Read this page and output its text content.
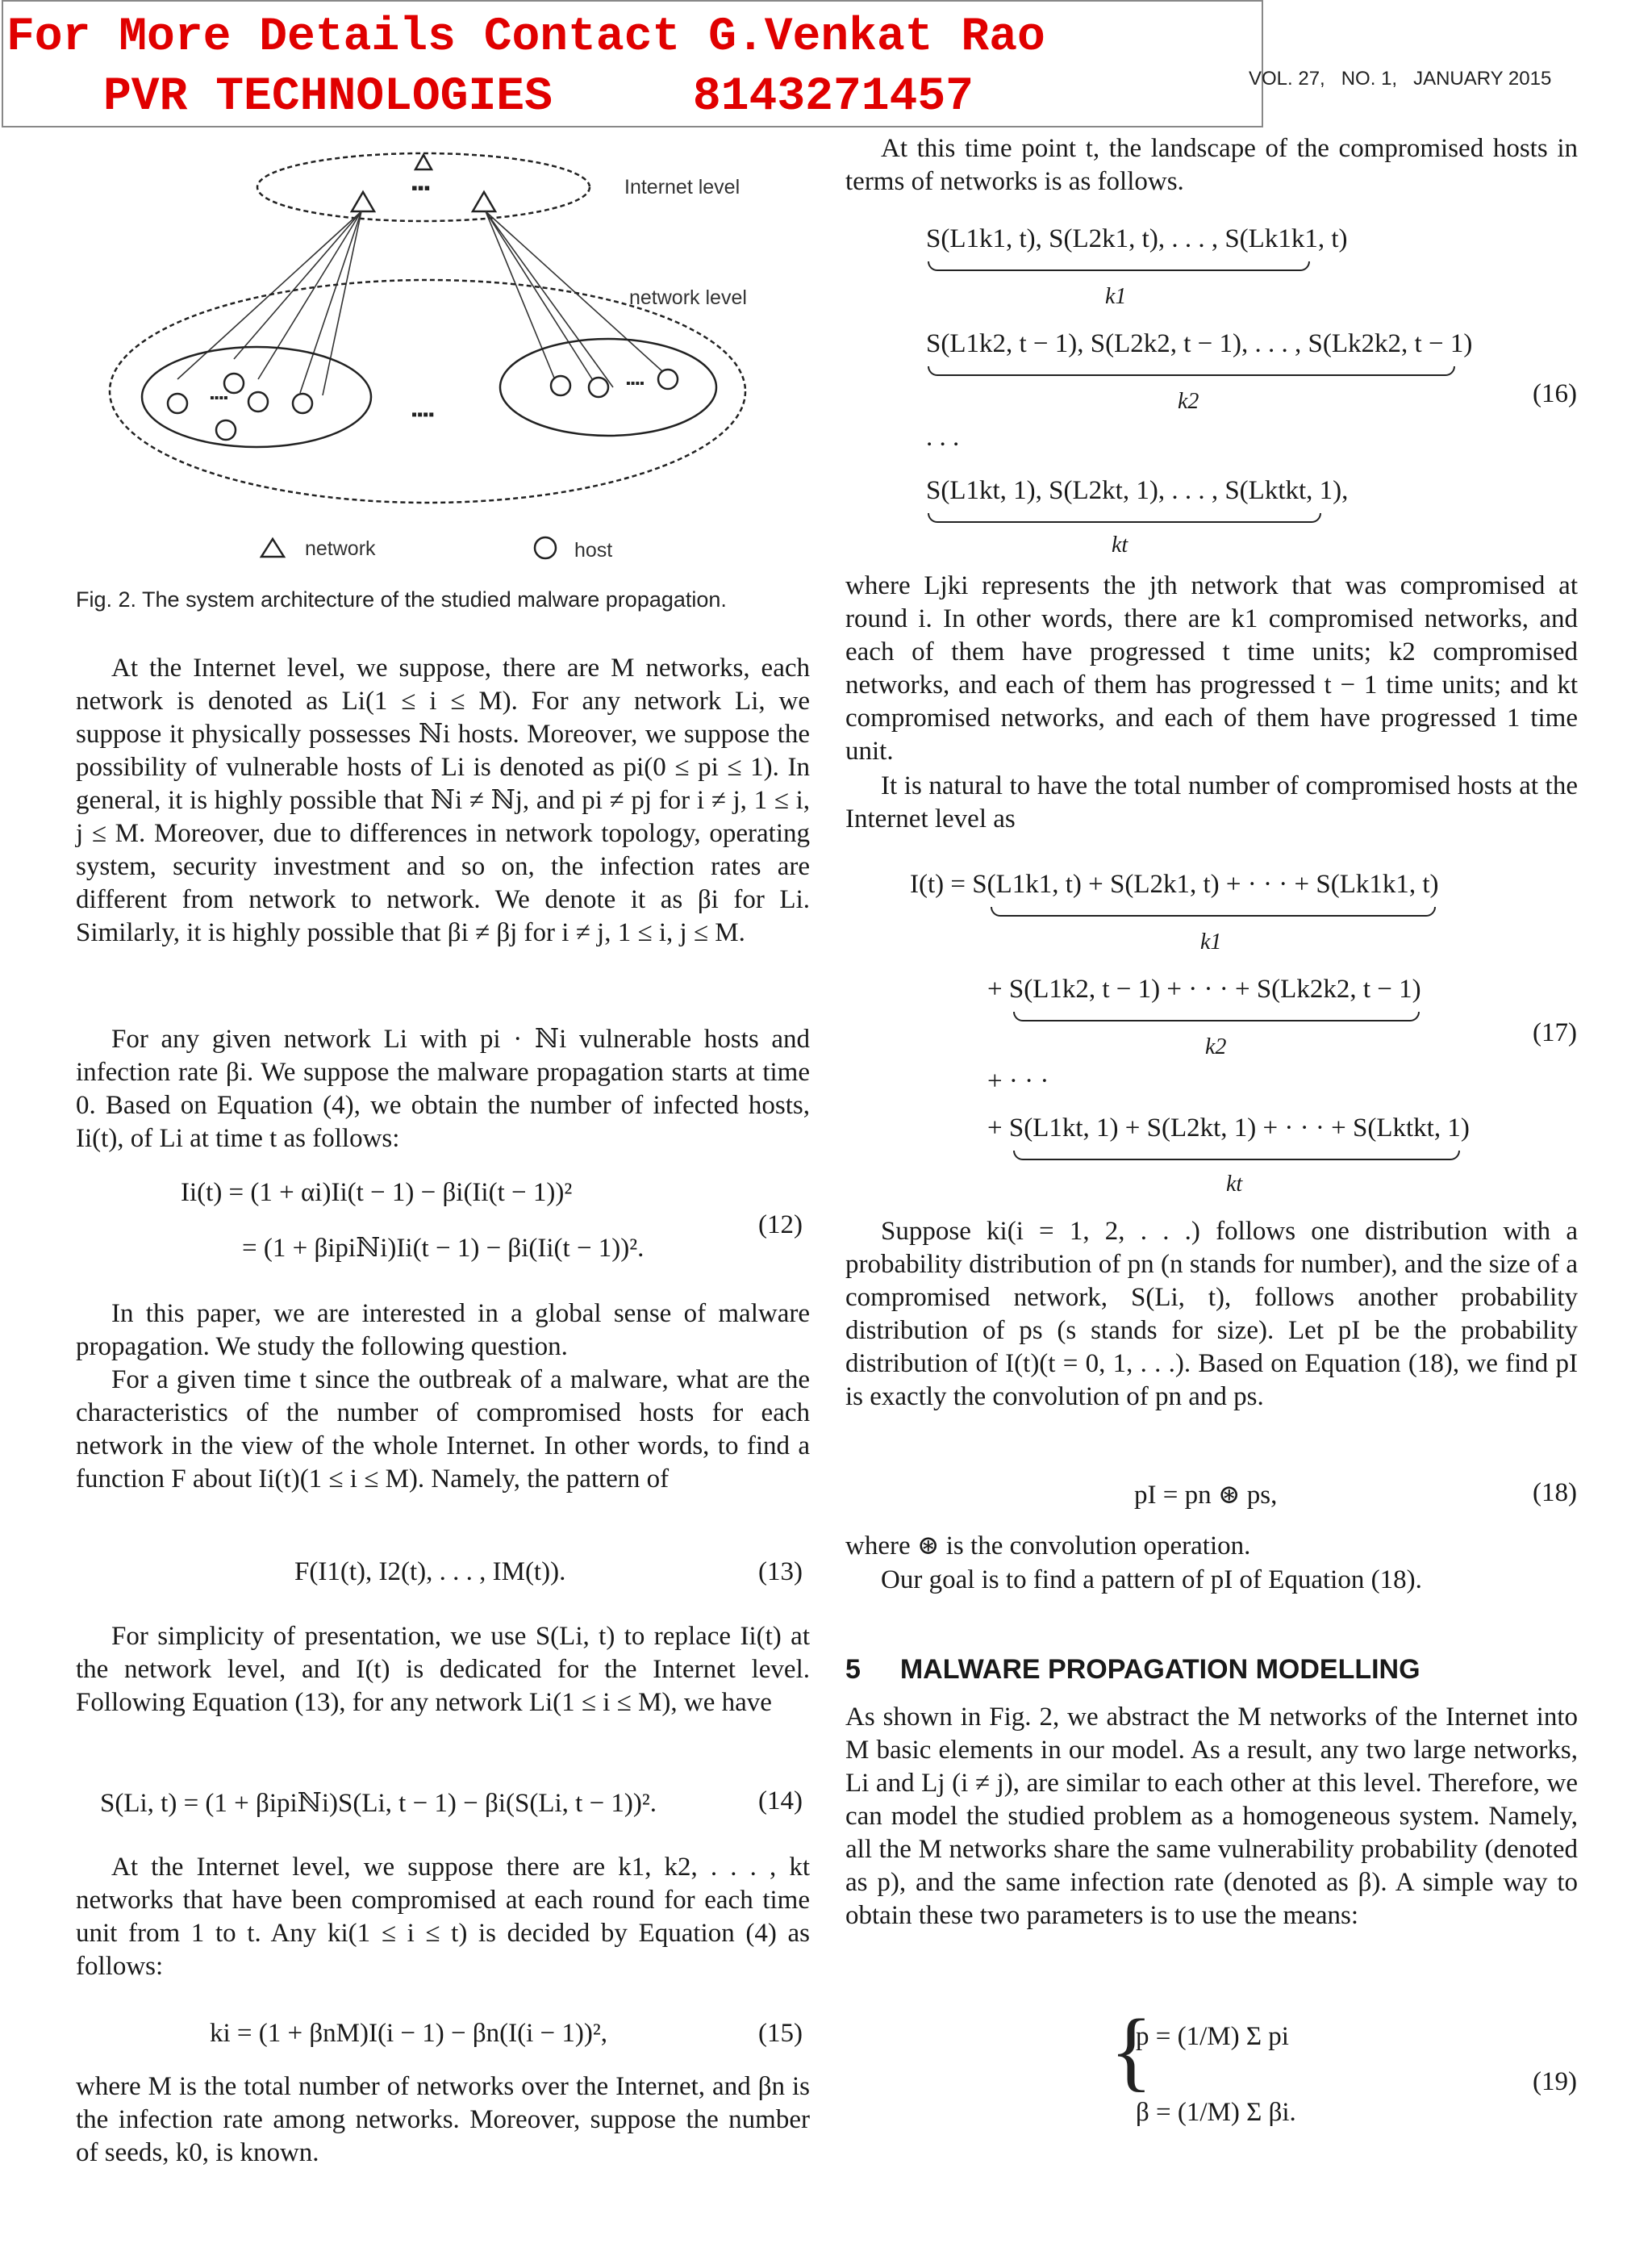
For More Details Contact G.Venkat Rao
PVR TECHNOLOGIES	8143271457	VOL. 27,   NO. 1,   JANUARY 2015
Internet level
▪▪▪
network level
▪▪▪▪
▪▪▪▪
▪▪▪▪
network	host
Fig. 2. The system architecture of the studied malware propagation.
At the Internet level, we suppose, there are M networks, each network is denoted as Li(1 ≤ i ≤ M). For any network Li, we suppose it physically possesses ℕi hosts. Moreover, we suppose the possibility of vulnerable hosts of Li is denoted as pi(0 ≤ pi ≤ 1). In general, it is highly possible that ℕi ≠ ℕj, and pi ≠ pj for i ≠ j, 1 ≤ i, j ≤ M. Moreover, due to differences in network topology, operating system, security investment and so on, the infection rates are different from network to network. We denote it as βi for Li. Similarly, it is highly possible that βi ≠ βj for i ≠ j, 1 ≤ i, j ≤ M.
For any given network Li with pi · ℕi vulnerable hosts and infection rate βi. We suppose the malware propagation starts at time 0. Based on Equation (4), we obtain the number of infected hosts, Ii(t), of Li at time t as follows:
Ii(t) = (1 + αi)Ii(t − 1) − βi(Ii(t − 1))²
= (1 + βipiℕi)Ii(t − 1) − βi(Ii(t − 1))².
(12)
In this paper, we are interested in a global sense of malware propagation. We study the following question.
For a given time t since the outbreak of a malware, what are the characteristics of the number of compromised hosts for each network in the view of the whole Internet. In other words, to find a function F about Ii(t)(1 ≤ i ≤ M). Namely, the pattern of
F(I1(t), I2(t), . . . , IM(t)).	(13)
For simplicity of presentation, we use S(Li, t) to replace Ii(t) at the network level, and I(t) is dedicated for the Internet level. Following Equation (13), for any network Li(1 ≤ i ≤ M), we have
S(Li, t) = (1 + βipiℕi)S(Li, t − 1) − βi(S(Li, t − 1))².	(14)
At the Internet level, we suppose there are k1, k2, . . . , kt networks that have been compromised at each round for each time unit from 1 to t. Any ki(1 ≤ i ≤ t) is decided by Equation (4) as follows:
ki = (1 + βnM)I(i − 1) − βn(I(i − 1))²,	(15)
where M is the total number of networks over the Internet, and βn is the infection rate among networks. Moreover, suppose the number of seeds, k0, is known.
At this time point t, the landscape of the compromised hosts in terms of networks is as follows.
S(L1k1, t), S(L2k1, t), . . . , S(Lk1k1, t)
k1
S(L1k2, t − 1), S(L2k2, t − 1), . . . , S(Lk2k2, t − 1)
k2	(16)
. . .
S(L1kt, 1), S(L2kt, 1), . . . , S(Lktkt, 1),
kt
where Ljki represents the jth network that was compromised at round i. In other words, there are k1 compromised networks, and each of them have progressed t time units; k2 compromised networks, and each of them has progressed t − 1 time units; and kt compromised networks, and each of them have progressed 1 time unit.
It is natural to have the total number of compromised hosts at the Internet level as
I(t) = S(L1k1, t) + S(L2k1, t) + · · · + S(Lk1k1, t)
k1
+ S(L1k2, t − 1) + · · · + S(Lk2k2, t − 1)
k2	(17)
+ · · ·
+ S(L1kt, 1) + S(L2kt, 1) + · · · + S(Lktkt, 1)
kt
Suppose ki(i = 1, 2, . . .) follows one distribution with a probability distribution of pn (n stands for number), and the size of a compromised network, S(Li, t), follows another probability distribution of ps (s stands for size). Let pI be the probability distribution of I(t)(t = 0, 1, . . .). Based on Equation (18), we find pI is exactly the convolution of pn and ps.
pI = pn ⊛ ps,	(18)
where ⊛ is the convolution operation.
Our goal is to find a pattern of pI of Equation (18).
5 MALWARE PROPAGATION MODELLING
As shown in Fig. 2, we abstract the M networks of the Internet into M basic elements in our model. As a result, any two large networks, Li and Lj (i ≠ j), are similar to each other at this level. Therefore, we can model the studied problem as a homogeneous system. Namely, all the M networks share the same vulnerability probability (denoted as p), and the same infection rate (denoted as β). A simple way to obtain these two parameters is to use the means:
{
p = (1/M) Σ pi
β = (1/M) Σ βi.
(19)
